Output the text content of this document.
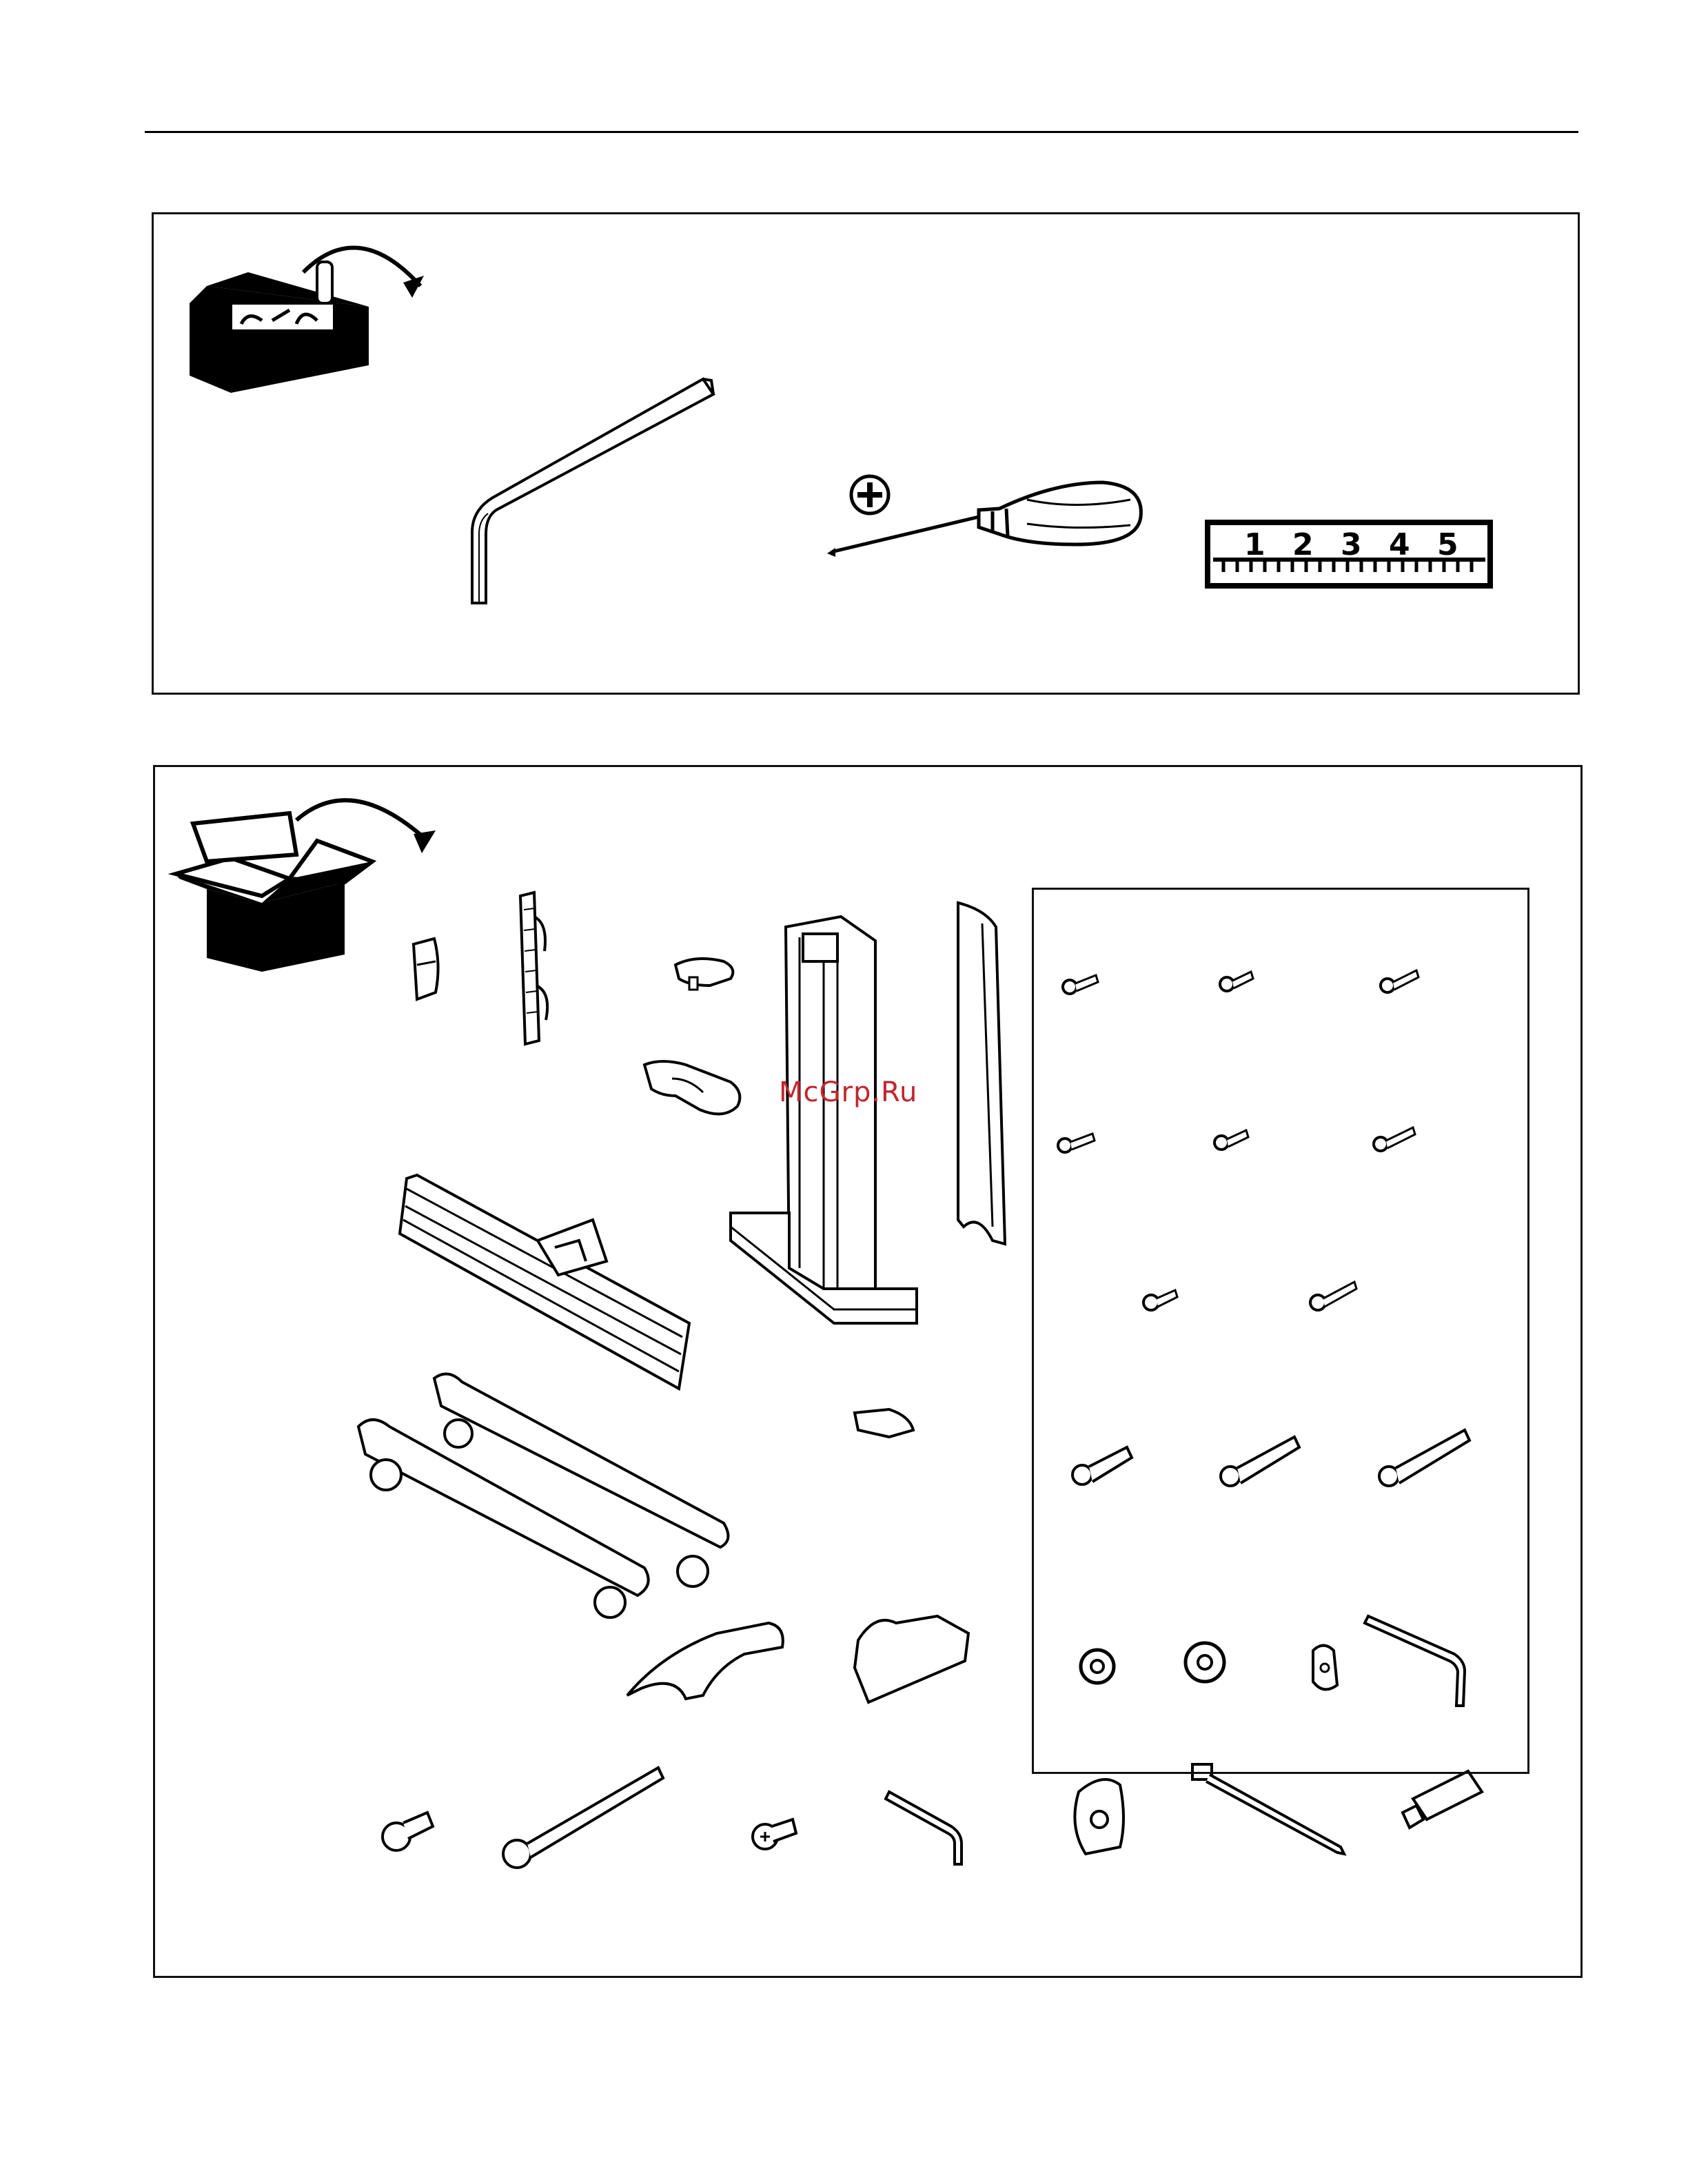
1 2 3 4 5
McGrp.Ru
